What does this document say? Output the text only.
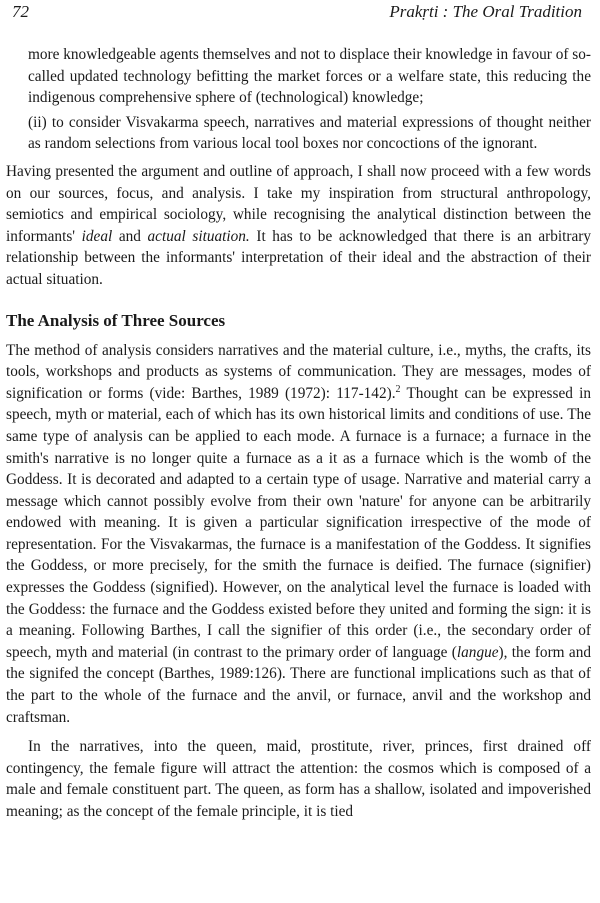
72	Prakṛti : The Oral Tradition

more knowledgeable agents themselves and not to displace their knowledge in favour of so-called updated technology befitting the market forces or a welfare state, this reducing the indigenous comprehensive sphere of (technological) knowledge;

(ii) to consider Visvakarma speech, narratives and material expressions of thought neither as random selections from various local tool boxes nor concoctions of the ignorant.

Having presented the argument and outline of approach, I shall now proceed with a few words on our sources, focus, and analysis. I take my inspiration from structural anthropology, semiotics and empirical sociology, while recognising the analytical distinction between the informants' ideal and actual situation. It has to be acknowledged that there is an arbitrary relationship between the informants' interpretation of their ideal and the abstraction of their actual situation.

The Analysis of Three Sources

The method of analysis considers narratives and the material culture, i.e., myths, the crafts, its tools, workshops and products as systems of communication. They are messages, modes of signification or forms (vide: Barthes, 1989 (1972): 117-142).$^2$ Thought can be expressed in speech, myth or material, each of which has its own historical limits and conditions of use. The same type of analysis can be applied to each mode. A furnace is a furnace; a furnace in the smith's narrative is no longer quite a furnace as a it as a furnace which is the womb of the Goddess. It is decorated and adapted to a certain type of usage. Narrative and material carry a message which cannot possibly evolve from their own 'nature' for anyone can be arbitrarily endowed with meaning. It is given a particular signification irrespective of the mode of representation. For the Visvakarmas, the furnace is a manifestation of the Goddess. It signifies the Goddess, or more precisely, for the smith the furnace is deified. The furnace (signifier) expresses the Goddess (signified). However, on the analytical level the furnace is loaded with the Goddess: the furnace and the Goddess existed before they united and forming the sign: it is a meaning. Following Barthes, I call the signifier of this order (i.e., the secondary order of speech, myth and material (in contrast to the primary order of language (langue), the form and the signifed the concept (Barthes, 1989:126). There are functional implications such as that of the part to the whole of the furnace and the anvil, or furnace, anvil and the workshop and craftsman.

In the narratives, into the queen, maid, prostitute, river, princes, first drained off contingency, the female figure will attract the attention: the cosmos which is composed of a male and female constituent part. The queen, as form has a shallow, isolated and impoverished meaning; as the concept of the female principle, it is tied
